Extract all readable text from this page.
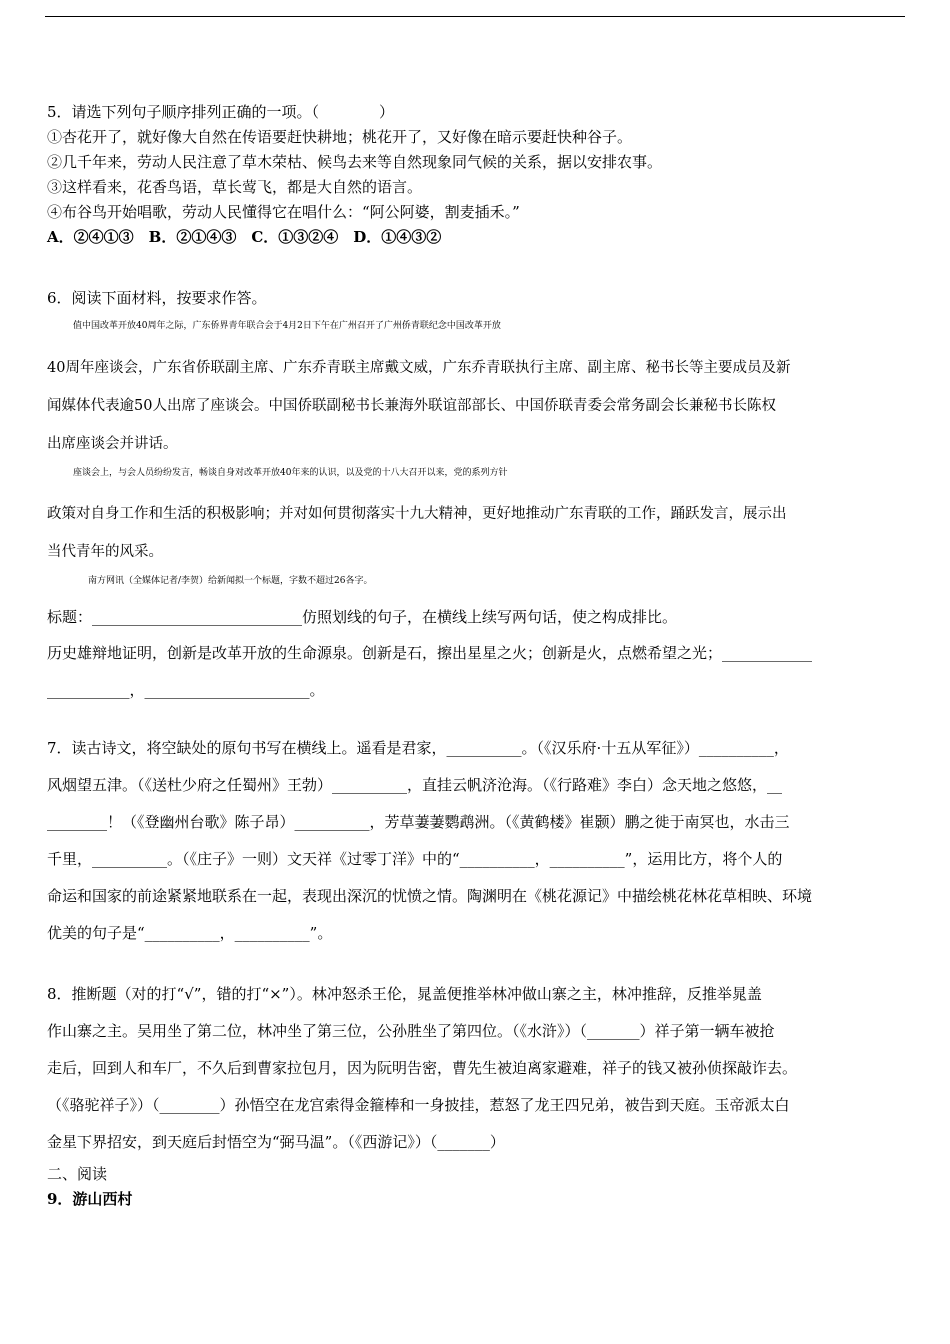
5．请选下列句子顺序排列正确的一项。（　　　　）
①杏花开了，就好像大自然在传语要赶快耕地；桃花开了，又好像在暗示要赶快种谷子。
②几千年来，劳动人民注意了草木荣枯、候鸟去来等自然现象同气候的关系，据以安排农事。
③这样看来，花香鸟语，草长莺飞，都是大自然的语言。
④布谷鸟开始唱歌，劳动人民懂得它在唱什么：“阿公阿婆，割麦插禾。”
A．②④①③　B．②①④③　C．①③②④　D．①④③②
6．阅读下面材料，按要求作答。
值中国改革开放40周年之际，广东侨界青年联合会于4月2日下午在广州召开了广州侨青联纪念中国改革开放
40周年座谈会，广东省侨联副主席、广东乔青联主席戴文威，广东乔青联执行主席、副主席、秘书长等主要成员及新
闻媒体代表逾50人出席了座谈会。中国侨联副秘书长兼海外联谊部部长、中国侨联青委会常务副会长兼秘书长陈权
出席座谈会并讲话。
座谈会上，与会人员纷纷发言，畅谈自身对改革开放40年来的认识，以及党的十八大召开以来，党的系列方针
政策对自身工作和生活的积极影响；并对如何贯彻落实十九大精神，更好地推动广东青联的工作，踊跃发言，展示出
当代青年的风采。
南方网讯（全媒体记者/李贺）给新闻拟一个标题，字数不超过26各字。
标题：____________________________仿照划线的句子，在横线上续写两句话，使之构成排比。
历史雄辩地证明，创新是改革开放的生命源泉。创新是石，擦出星星之火；创新是火，点燃希望之光；____________
___________，______________________。
7．读古诗文，将空缺处的原句书写在横线上。遥看是君家，__________。（《汉乐府·十五从军征》）__________，
风烟望五津。（《送杜少府之任蜀州》王勃）__________，直挂云帆济沧海。（《行路难》李白）念天地之悠悠，__
________！（《登幽州台歌》陈子昂）__________，芳草萋萋鹦鹉洲。（《黄鹤楼》崔颢）鹏之徙于南冥也，水击三
千里，__________。（《庄子》一则）文天祥《过零丁洋》中的“__________，__________”，运用比方，将个人的
命运和国家的前途紧紧地联系在一起，表现出深沉的忧愤之情。陶渊明在《桃花源记》中描绘桃花林花草相映、环境
优美的句子是“__________，__________”。
8．推断题（对的打“√”，错的打“×”）。林冲怒杀王伦，晁盖便推举林冲做山寨之主，林冲推辞，反推举晁盖
作山寨之主。吴用坐了第二位，林冲坐了第三位，公孙胜坐了第四位。（《水浒》）（_______）祥子第一辆车被抢
走后，回到人和车厂，不久后到曹家拉包月，因为阮明告密，曹先生被迫离家避难，祥子的钱又被孙侦探敲诈去。
（《骆驼祥子》）（________）孙悟空在龙宫索得金箍棒和一身披挂，惹怒了龙王四兄弟，被告到天庭。玉帝派太白
金星下界招安，到天庭后封悟空为“弼马温”。（《西游记》）（_______）
二、阅读
9．游山西村
